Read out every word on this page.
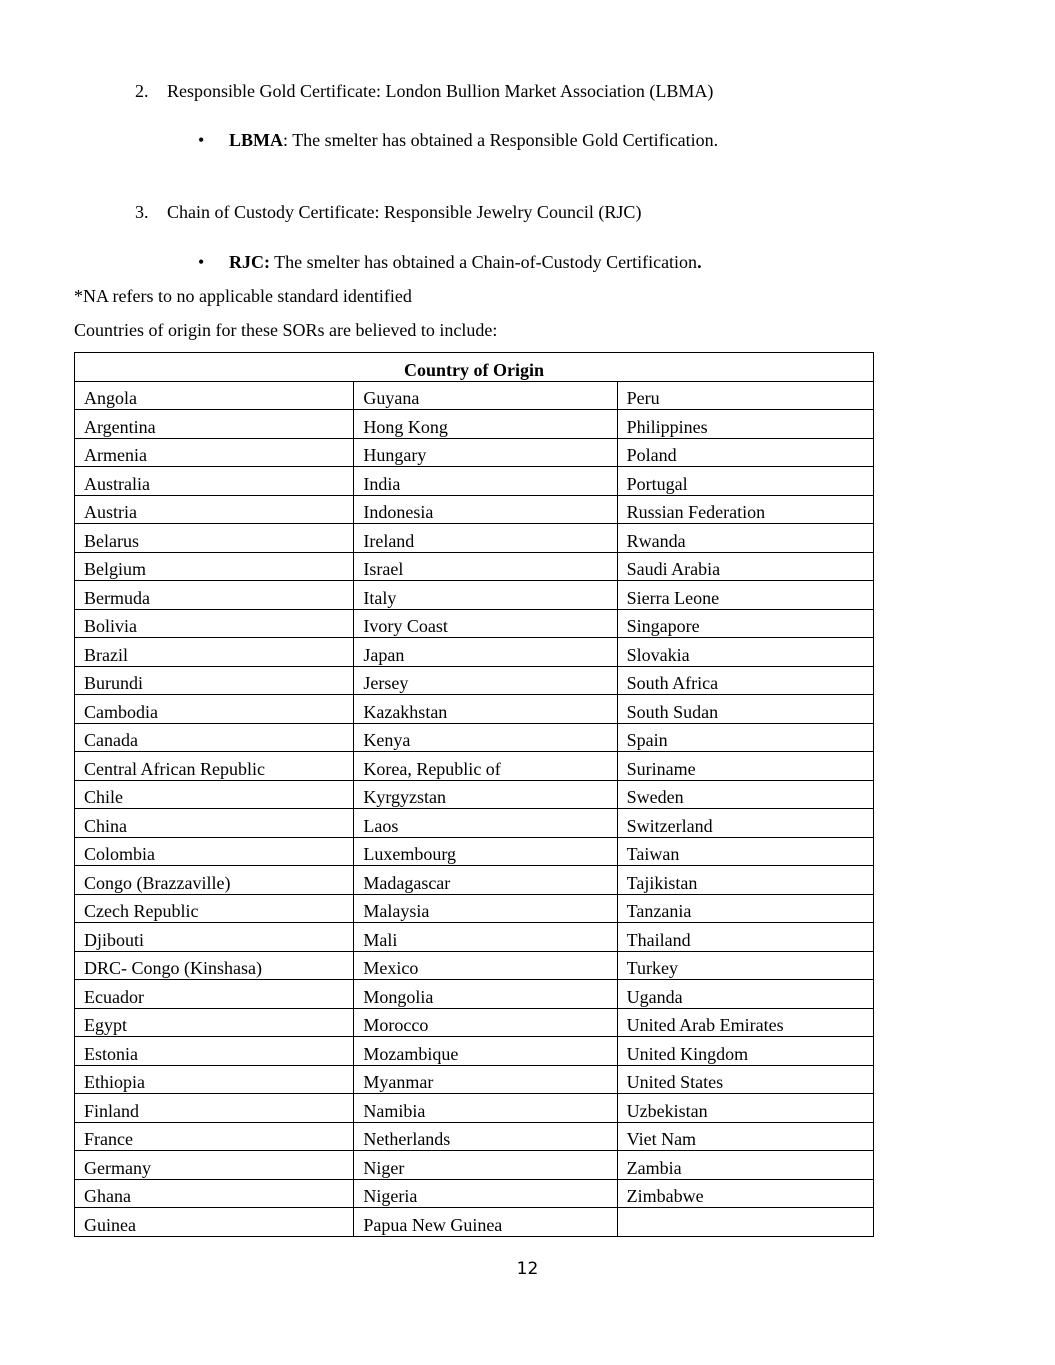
2. Responsible Gold Certificate: London Bullion Market Association (LBMA)
• LBMA: The smelter has obtained a Responsible Gold Certification.
3. Chain of Custody Certificate: Responsible Jewelry Council (RJC)
• RJC: The smelter has obtained a Chain-of-Custody Certification.
*NA refers to no applicable standard identified
Countries of origin for these SORs are believed to include:
Country of Origin		
Angola	Guyana	Peru
Argentina	Hong Kong	Philippines
Armenia	Hungary	Poland
Australia	India	Portugal
Austria	Indonesia	Russian Federation
Belarus	Ireland	Rwanda
Belgium	Israel	Saudi Arabia
Bermuda	Italy	Sierra Leone
Bolivia	Ivory Coast	Singapore
Brazil	Japan	Slovakia
Burundi	Jersey	South Africa
Cambodia	Kazakhstan	South Sudan
Canada	Kenya	Spain
Central African Republic	Korea, Republic of	Suriname
Chile	Kyrgyzstan	Sweden
China	Laos	Switzerland
Colombia	Luxembourg	Taiwan
Congo (Brazzaville)	Madagascar	Tajikistan
Czech Republic	Malaysia	Tanzania
Djibouti	Mali	Thailand
DRC- Congo (Kinshasa)	Mexico	Turkey
Ecuador	Mongolia	Uganda
Egypt	Morocco	United Arab Emirates
Estonia	Mozambique	United Kingdom
Ethiopia	Myanmar	United States
Finland	Namibia	Uzbekistan
France	Netherlands	Viet Nam
Germany	Niger	Zambia
Ghana	Nigeria	Zimbabwe
Guinea	Papua New Guinea	
12
